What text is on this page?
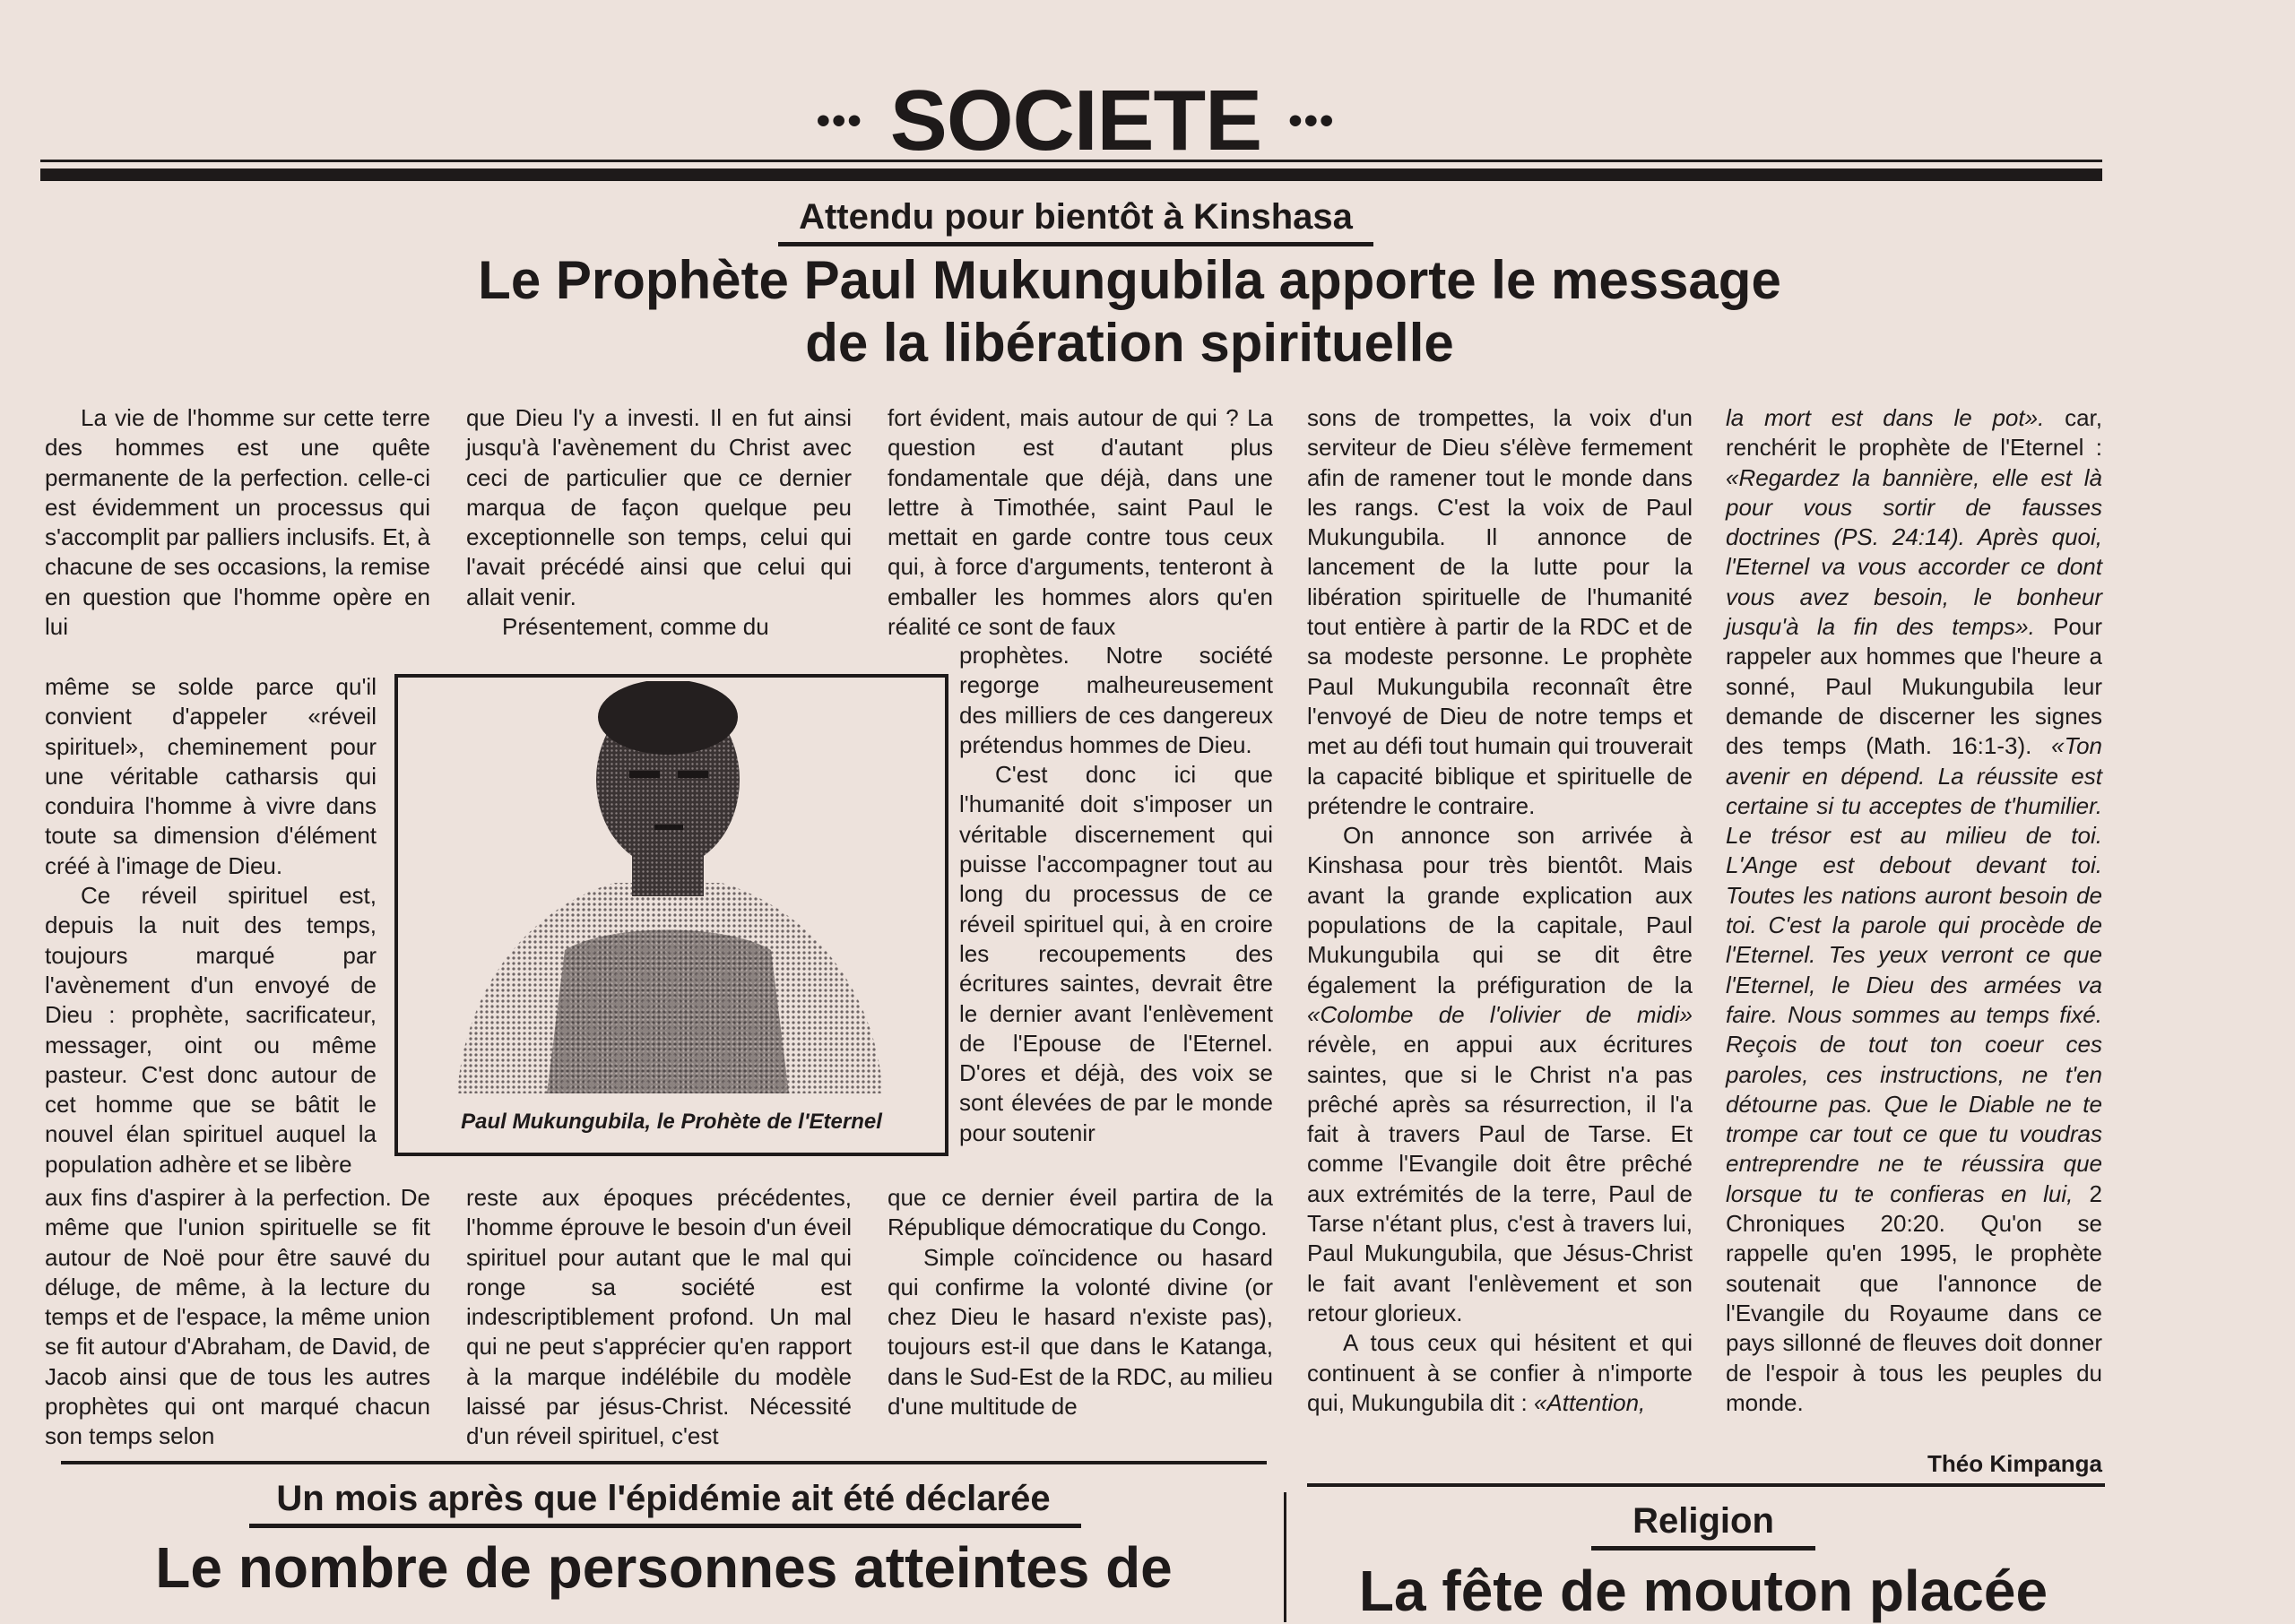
••• SOCIETE •••
Attendu pour bientôt à Kinshasa
Le Prophète Paul Mukungubila apporte le message
de la libération spirituelle

La vie de l'homme sur cette terre des hommes est une quête permanente de la perfection. celle-ci est évidemment un processus qui s'accomplit par palliers inclusifs. Et, à chacune de ses occasions, la remise en question que l'homme opère en lui

même se solde parce qu'il convient d'appeler «réveil spirituel», cheminement pour une véritable catharsis qui conduira l'homme à vivre dans toute sa dimension d'élément créé à l'image de Dieu.

Ce réveil spirituel est, depuis la nuit des temps, toujours marqué par l'avènement d'un envoyé de Dieu : prophète, sacrificateur, messager, oint ou même pasteur. C'est donc autour de cet homme que se bâtit le nouvel élan spirituel auquel la population adhère et se libère

aux fins d'aspirer à la perfection. De même que l'union spirituelle se fit autour de Noë pour être sauvé du déluge, de même, à la lecture du temps et de l'espace, la même union se fit autour d'Abraham, de David, de Jacob ainsi que de tous les autres prophètes qui ont marqué chacun son temps selon

que Dieu l'y a investi. Il en fut ainsi jusqu'à l'avènement du Christ avec ceci de particulier que ce dernier marqua de façon quelque peu exceptionnelle son temps, celui qui l'avait précédé ainsi que celui qui allait venir.

Présentement, comme du

reste aux époques précédentes, l'homme éprouve le besoin d'un éveil spirituel pour autant que le mal qui ronge sa société est indescriptiblement profond. Un mal qui ne peut s'apprécier qu'en rapport à la marque indélébile du modèle laissé par jésus-Christ. Nécessité d'un réveil spirituel, c'est

Paul Mukungubila, le Prohète de l'Eternel

fort évident, mais autour de qui ? La question est d'autant plus fondamentale que déjà, dans une lettre à Timothée, saint Paul le mettait en garde contre tous ceux qui, à force d'arguments, tenteront à emballer les hommes alors qu'en réalité ce sont de faux

prophètes. Notre société regorge malheureusement des milliers de ces dangereux prétendus hommes de Dieu.

C'est donc ici que l'humanité doit s'imposer un véritable discernement qui puisse l'accompagner tout au long du processus de ce réveil spirituel qui, à en croire les recoupements des écritures saintes, devrait être le dernier avant l'enlèvement de l'Epouse de l'Eternel. D'ores et déjà, des voix se sont élevées de par le monde pour soutenir

que ce dernier éveil partira de la République démocratique du Congo.

Simple coïncidence ou hasard qui confirme la volonté divine (or chez Dieu le hasard n'existe pas), toujours est-il que dans le Katanga, dans le Sud-Est de la RDC, au milieu d'une multitude de

sons de trompettes, la voix d'un serviteur de Dieu s'élève fermement afin de ramener tout le monde dans les rangs. C'est la voix de Paul Mukungubila. Il annonce de lancement de la lutte pour la libération spirituelle de l'humanité tout entière à partir de la RDC et de sa modeste personne. Le prophète Paul Mukungubila reconnaît être l'envoyé de Dieu de notre temps et met au défi tout humain qui trouverait la capacité biblique et spirituelle de prétendre le contraire.

On annonce son arrivée à Kinshasa pour très bientôt. Mais avant la grande explication aux populations de la capitale, Paul Mukungubila qui se dit être également la préfiguration de la «Colombe de l'olivier de midi» révèle, en appui aux écritures saintes, que si le Christ n'a pas prêché après sa résurrection, il l'a fait à travers Paul de Tarse. Et comme l'Evangile doit être prêché aux extrémités de la terre, Paul de Tarse n'étant plus, c'est à travers lui, Paul Mukungubila, que Jésus-Christ le fait avant l'enlèvement et son retour glorieux.

A tous ceux qui hésitent et qui continuent à se confier à n'importe qui, Mukungubila dit : «Attention,

la mort est dans le pot». car, renchérit le prophète de l'Eternel : «Regardez la bannière, elle est là pour vous sortir de fausses doctrines (PS. 24:14). Après quoi, l'Eternel va vous accorder ce dont vous avez besoin, le bonheur jusqu'à la fin des temps». Pour rappeler aux hommes que l'heure a sonné, Paul Mukungubila leur demande de discerner les signes des temps (Math. 16:1-3). «Ton avenir en dépend. La réussite est certaine si tu acceptes de t'humilier. Le trésor est au milieu de toi. L'Ange est debout devant toi. Toutes les nations auront besoin de toi. C'est la parole qui procède de l'Eternel. Tes yeux verront ce que l'Eternel, le Dieu des armées va faire. Nous sommes au temps fixé. Reçois de tout ton coeur ces paroles, ces instructions, ne t'en détourne pas. Que le Diable ne te trompe car tout ce que tu voudras entreprendre ne te réussira que lorsque tu te confieras en lui, 2 Chroniques 20:20. Qu'on se rappelle qu'en 1995, le prophète soutenait que l'annonce de l'Evangile du Royaume dans ce pays sillonné de fleuves doit donner de l'espoir à tous les peuples du monde.

Théo Kimpanga
Un mois après que l'épidémie ait été déclarée
Le nombre de personnes atteintes de
Religion
La fête de mouton placée
